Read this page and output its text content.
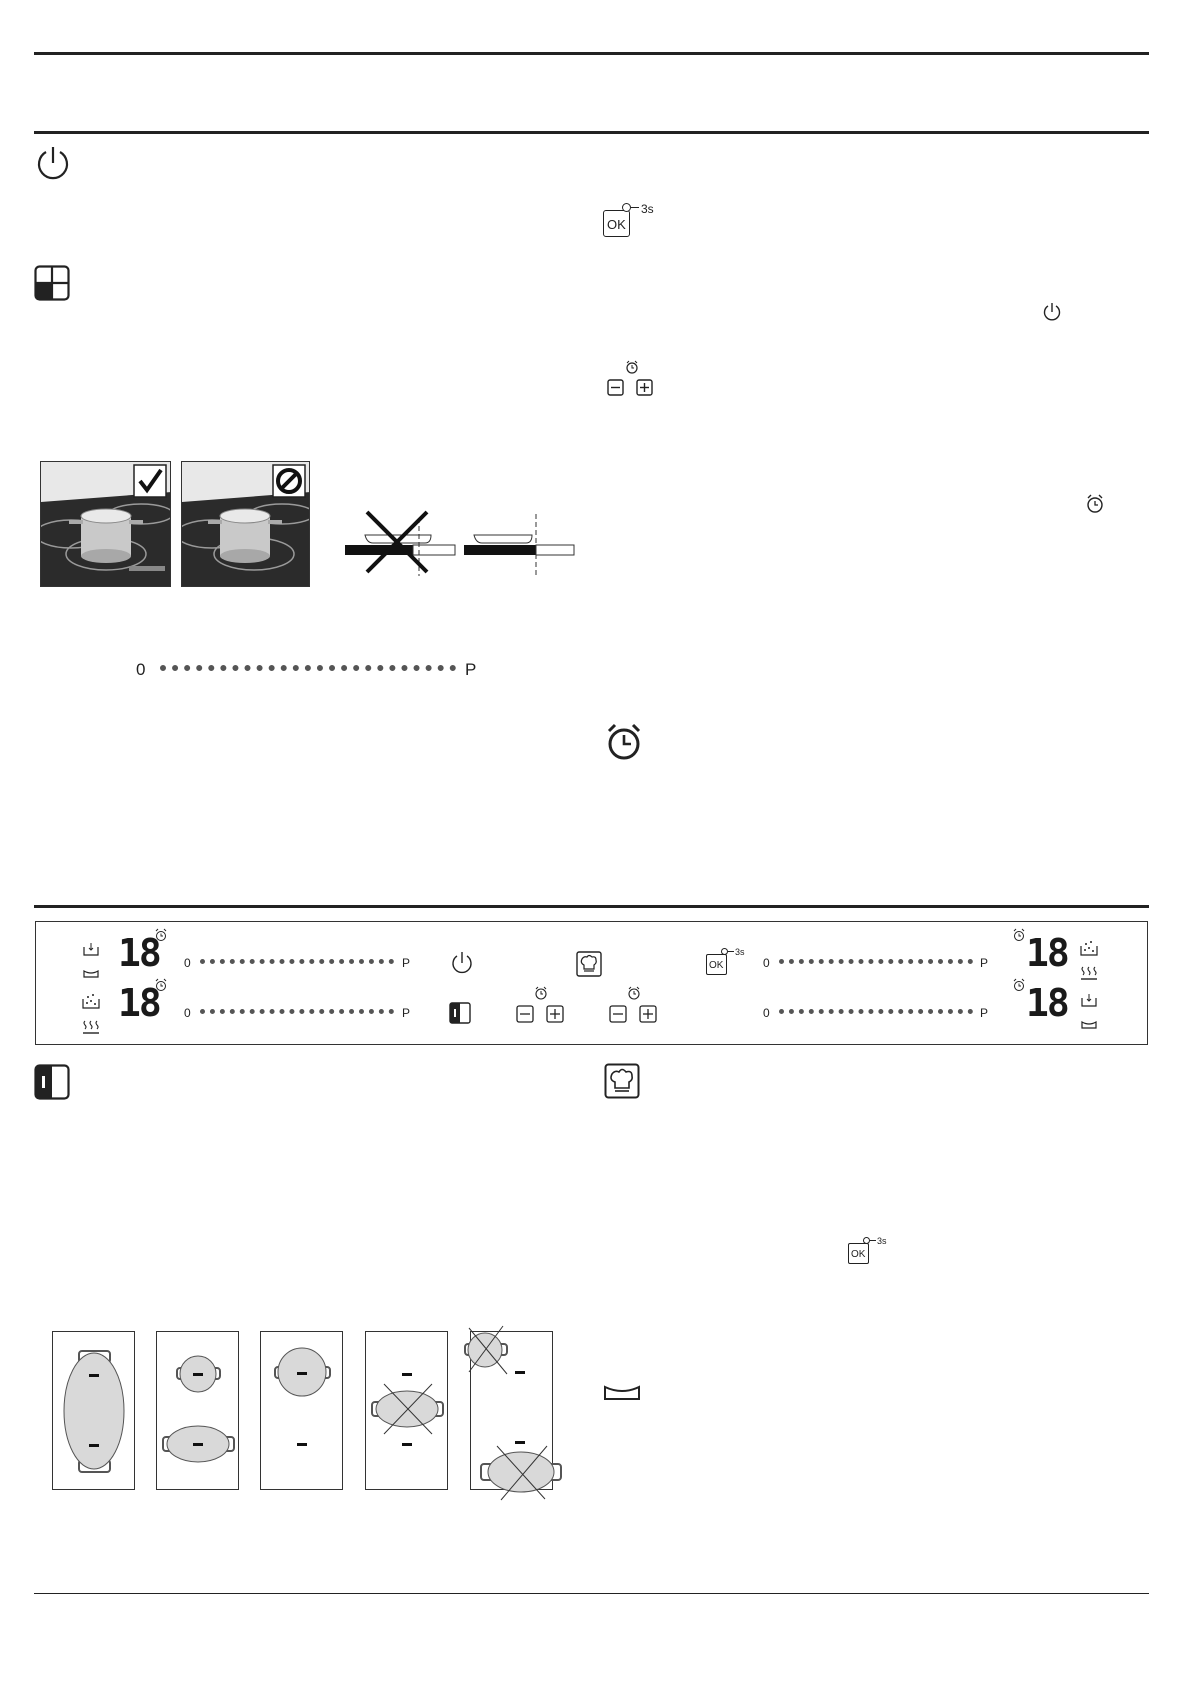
0	P
OK
3s
18
18
0	P
0	P
OK
3s
0	P
0	P
18
18
OK
3s
